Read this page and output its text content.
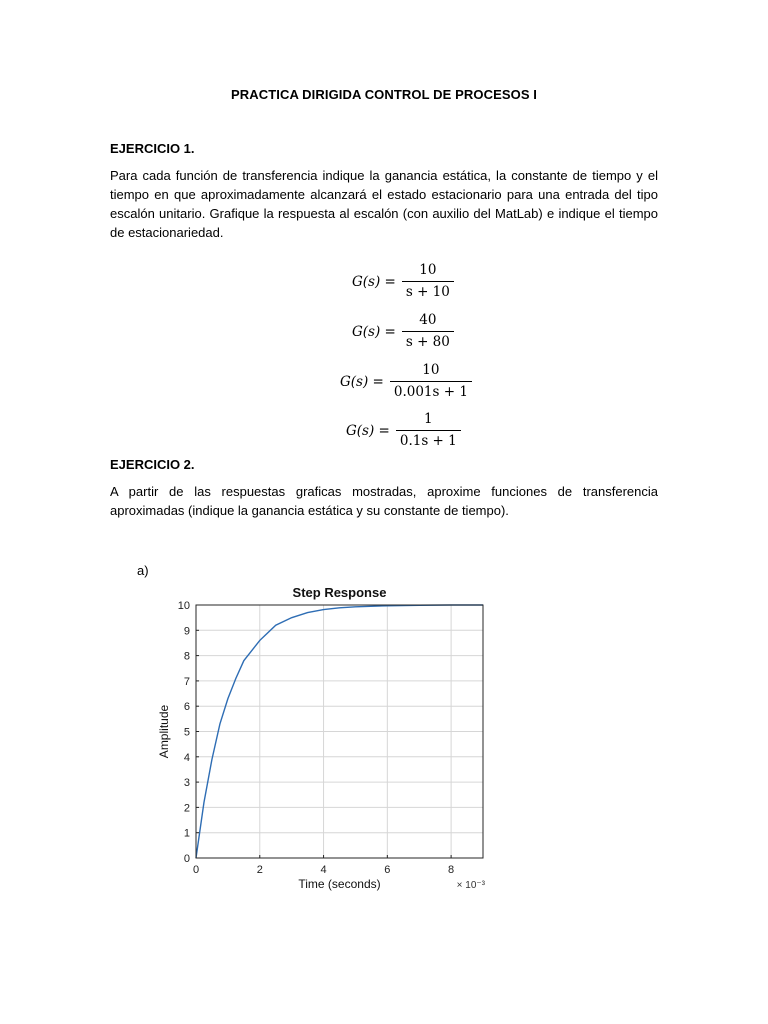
PRACTICA DIRIGIDA CONTROL DE PROCESOS I
EJERCICIO 1.
Para cada función de transferencia indique la ganancia estática, la constante de tiempo y el tiempo en que aproximadamente alcanzará el estado estacionario para una entrada del tipo escalón unitario. Grafique la respuesta al escalón (con auxilio del MatLab) e indique el tiempo de estacionariedad.
$G(s) = \frac{10}{s + 10}$
$G(s) = \frac{40}{s + 80}$
$G(s) = \frac{10}{0.001s + 1}$
$G(s) = \frac{1}{0.1s + 1}$
EJERCICIO 2.
A partir de las respuestas graficas mostradas, aproxime funciones de transferencia aproximadas (indique la ganancia estática y su constante de tiempo).
a)
0	2	4	6	8
0
1
2
3
4
5
6
7
8
9
10
Step Response
Time (seconds)
Amplitude
× 10⁻³
